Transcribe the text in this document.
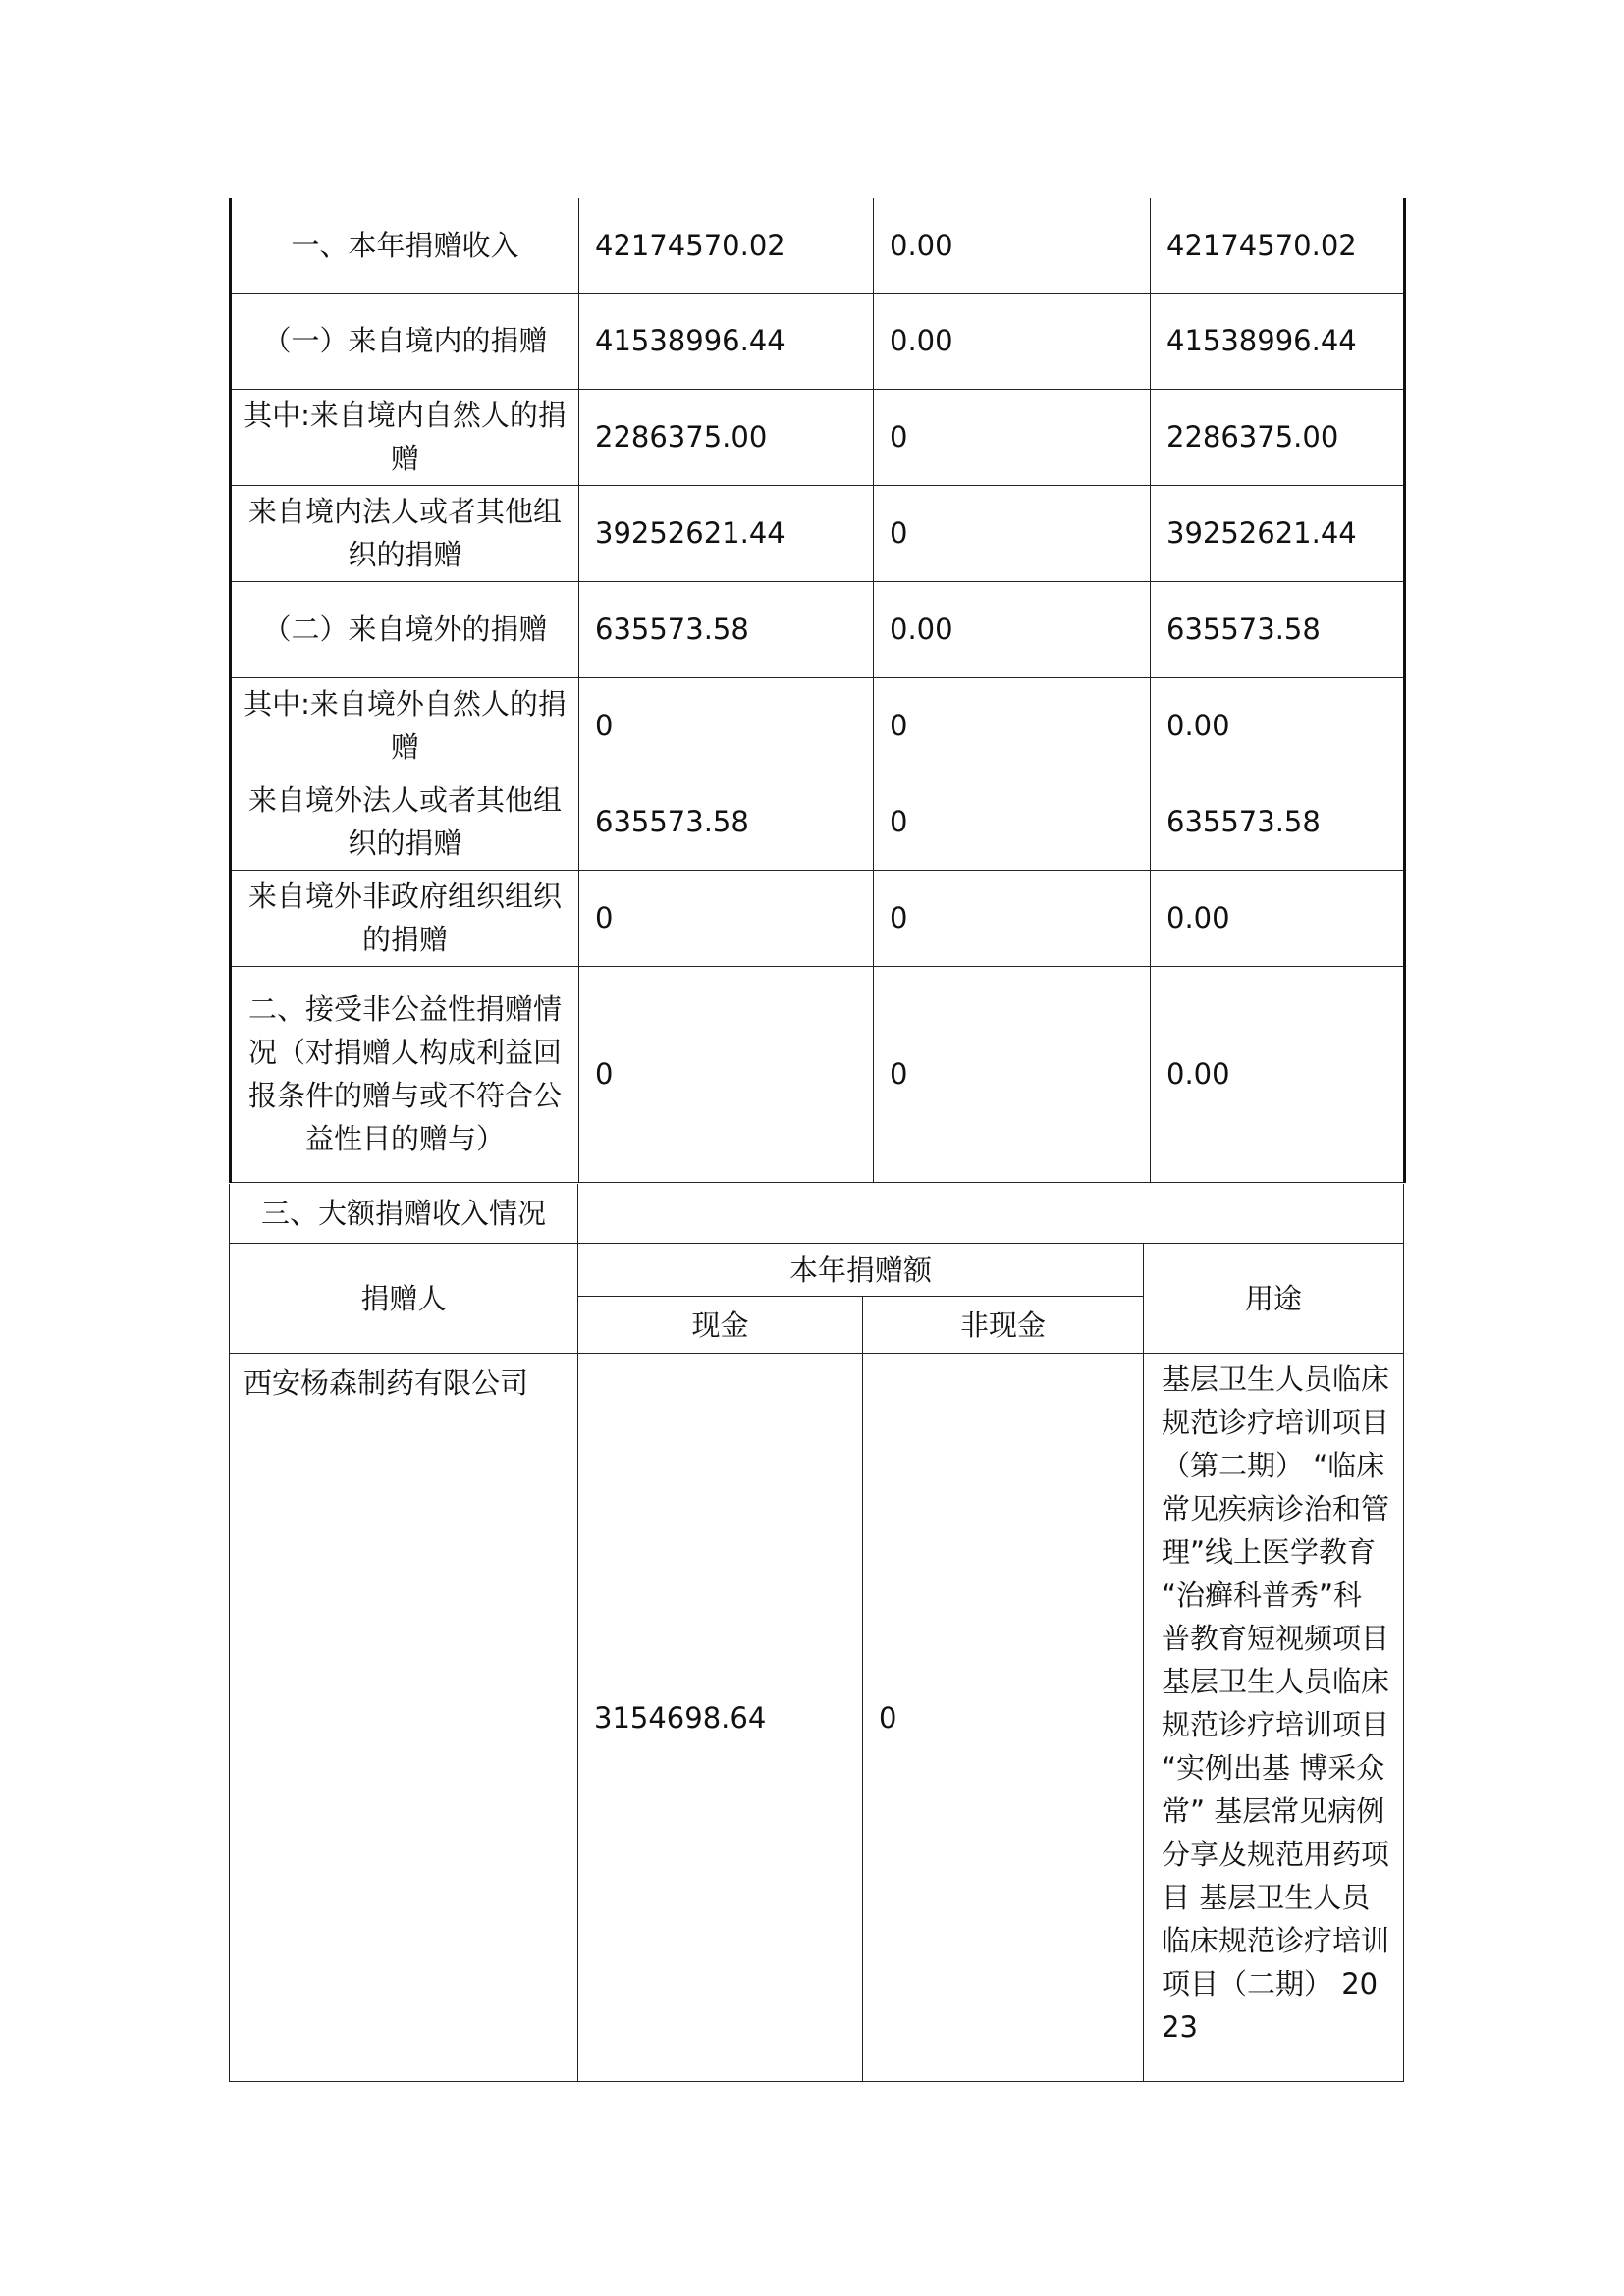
一、本年捐赠收入	42174570.02	0.00	42174570.02
（一）来自境内的捐赠	41538996.44	0.00	41538996.44
其中:来自境内自然人的捐赠	2286375.00	0	2286375.00
来自境内法人或者其他组织的捐赠	39252621.44	0	39252621.44
（二）来自境外的捐赠	635573.58	0.00	635573.58
其中:来自境外自然人的捐赠	0	0	0.00
来自境外法人或者其他组织的捐赠	635573.58	0	635573.58
来自境外非政府组织组织的捐赠	0	0	0.00
二、接受非公益性捐赠情况（对捐赠人构成利益回报条件的赠与或不符合公益性目的赠与）	0	0	0.00
三、大额捐赠收入情况			
捐赠人	本年捐赠额		用途
	现金	非现金	
西安杨森制药有限公司	3154698.64	0	基层卫生人员临床规范诊疗培训项目（第二期） “临床常见疾病诊治和管理”线上医学教育 “治癣科普秀”科普教育短视频项目 基层卫生人员临床规范诊疗培训项目 “实例出基 博采众常” 基层常见病例分享及规范用药项目 基层卫生人员临床规范诊疗培训项目（二期） 2023
